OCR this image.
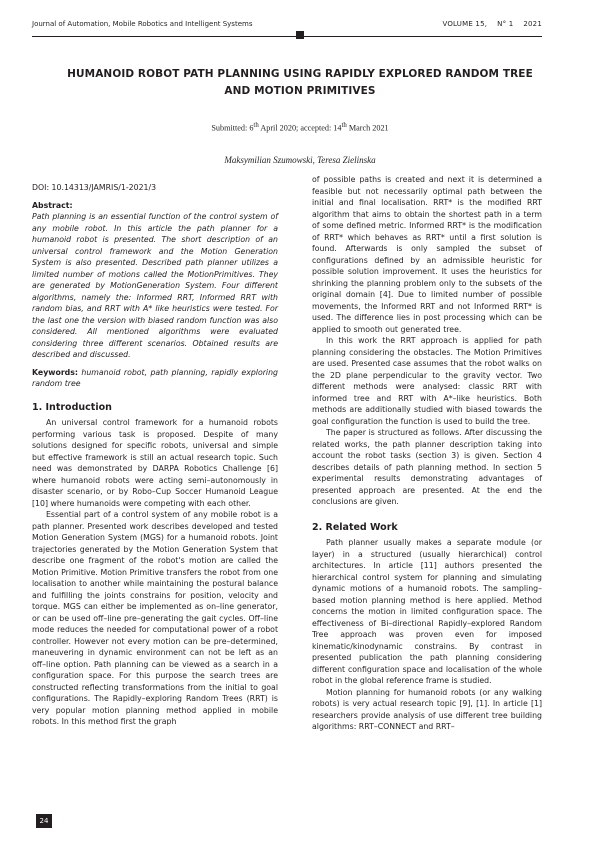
Journal of Automation, Mobile Robotics and Intelligent Systems	VOLUME 15, N° 1 2021
HUMANOID ROBOT PATH PLANNING USING RAPIDLY EXPLORED RANDOM TREE
AND MOTION PRIMITIVES
Submitted: 6th April 2020; accepted: 14th March 2021
Maksymilian Szumowski, Teresa Zielinska

DOI: 10.14313/JAMRIS/1-2021/3

Abstract:

Path planning is an essential function of the control system of any mobile robot. In this article the path planner for a humanoid robot is presented. The short description of an universal control framework and the Motion Generation System is also presented. Described path planner utilizes a limited number of motions called the MotionPrimitives. They are generated by MotionGeneration System. Four different algorithms, namely the: Informed RRT, Informed RRT with random bias, and RRT with A* like heuristics were tested. For the last one the version with biased random function was also considered. All mentioned algorithms were evaluated considering three different scenarios. Obtained results are described and discussed.

Keywords: humanoid robot, path planning, rapidly exploring random tree

1. Introduction

An universal control framework for a humanoid robots performing various task is proposed. Despite of many solutions designed for specific robots, universal and simple but effective framework is still an actual research topic. Such need was demonstrated by DARPA Robotics Challenge [6] where humanoid robots were acting semi–autonomously in disaster scenario, or by Robo–Cup Soccer Humanoid League [10] where humanoids were competing with each other.

Essential part of a control system of any mobile robot is a path planner. Presented work describes developed and tested Motion Generation System (MGS) for a humanoid robots. Joint trajectories generated by the Motion Generation System that describe one fragment of the robot's motion are called the Motion Primitive. Motion Primitive transfers the robot from one localisation to another while maintaining the postural balance and fulfilling the joints constrains for position, velocity and torque. MGS can either be implemented as on–line generator, or can be used off–line pre–generating the gait cycles. Off–line mode reduces the needed for computational power of a robot controller. However not every motion can be pre–determined, maneuvering in dynamic environment can not be left as an off–line option. Path planning can be viewed as a search in a configuration space. For this purpose the search trees are constructed reflecting transformations from the initial to goal configurations. The Rapidly–exploring Random Trees (RRT) is very popular motion planning method applied in mobile robots. In this method first the graph

of possible paths is created and next it is determined a feasible but not necessarily optimal path between the initial and final localisation. RRT* is the modified RRT algorithm that aims to obtain the shortest path in a term of some defined metric. Informed RRT* is the modification of RRT* which behaves as RRT* until a first solution is found. Afterwards is only sampled the subset of configurations defined by an admissible heuristic for possible solution improvement. It uses the heuristics for shrinking the planning problem only to the subsets of the original domain [4]. Due to limited number of possible movements, the Informed RRT and not Informed RRT* is used. The difference lies in post processing which can be applied to smooth out generated tree.

In this work the RRT approach is applied for path planning considering the obstacles. The Motion Primitives are used. Presented case assumes that the robot walks on the 2D plane perpendicular to the gravity vector. Two different methods were analysed: classic RRT with informed tree and RRT with A*–like heuristics. Both methods are additionally studied with biased towards the goal configuration the function is used to build the tree.

The paper is structured as follows. After discussing the related works, the path planner description taking into account the robot tasks (section 3) is given. Section 4 describes details of path planning method. In section 5 experimental results demonstrating advantages of presented approach are presented. At the end the conclusions are given.

2. Related Work

Path planner usually makes a separate module (or layer) in a structured (usually hierarchical) control architectures. In article [11] authors presented the hierarchical control system for planning and simulating dynamic motions of a humanoid robots. The sampling–based motion planning method is here applied. Method concerns the motion in limited configuration space. The effectiveness of Bi–directional Rapidly–explored Random Tree approach was proven even for imposed kinematic/kinodynamic constrains. By contrast in presented publication the path planning considering different configuration space and localisation of the whole robot in the global reference frame is studied.

Motion planning for humanoid robots (or any walking robots) is very actual research topic [9], [1]. In article [1] researchers provide analysis of use different tree building algorithms: RRT–CONNECT and RRT–

24
